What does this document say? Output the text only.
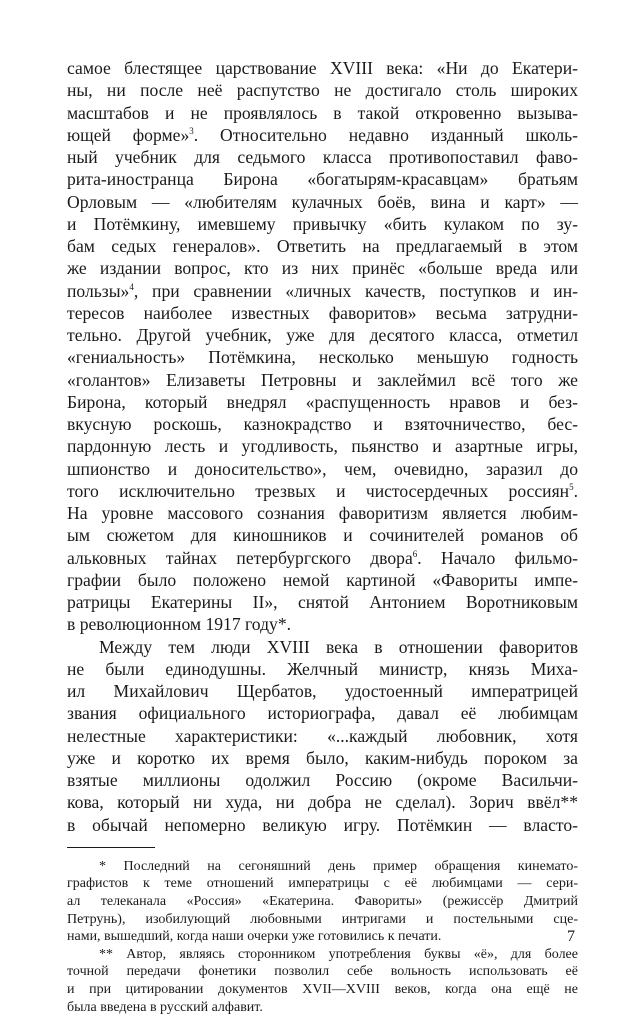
самое блестящее царствование XVIII века: «Ни до Екатери-
ны, ни после неё распутство не достигало столь широких
масштабов и не проявлялось в такой откровенно вызыва-
ющей форме»$^3$. Относительно недавно изданный школь-
ный учебник для седьмого класса противопоставил фаво-
рита-иностранца Бирона «богатырям-красавцам» братьям
Орловым — «любителям кулачных боёв, вина и карт» —
и Потёмкину, имевшему привычку «бить кулаком по зу-
бам седых генералов». Ответить на предлагаемый в этом
же издании вопрос, кто из них принёс «больше вреда или
пользы»$^4$, при сравнении «личных качеств, поступков и ин-
тересов наиболее известных фаворитов» весьма затрудни-
тельно. Другой учебник, уже для десятого класса, отметил
«гениальность» Потёмкина, несколько меньшую годность
«голантов» Елизаветы Петровны и заклеймил всё того же
Бирона, который внедрял «распущенность нравов и без-
вкусную роскошь, казнокрадство и взяточничество, бес-
пардонную лесть и угодливость, пьянство и азартные игры,
шпионство и доносительство», чем, очевидно, заразил до
того исключительно трезвых и чистосердечных россиян$^5$.
На уровне массового сознания фаворитизм является любим-
ым сюжетом для киношников и сочинителей романов об
альковных тайнах петербургского двора$^6$. Начало фильмо-
графии было положено немой картиной «Фавориты импе-
ратрицы Екатерины II», снятой Антонием Воротниковым
в революционном 1917 году*.

Между тем люди XVIII века в отношении фаворитов
не были единодушны. Желчный министр, князь Миха-
ил Михайлович Щербатов, удостоенный императрицей
звания официального историографа, давал её любимцам
нелестные характеристики: «...каждый любовник, хотя
уже и коротко их время было, каким-нибудь пороком за
взятые миллионы одолжил Россию (окроме Васильчи-
кова, который ни худа, ни добра не сделал). Зорич ввёл**
в обычай непомерно великую игру. Потёмкин — власто-

* Последний на сегоняшний день пример обращения кинемато-
графистов к теме отношений императрицы с её любимцами — сери-
ал телеканала «Россия» «Екатерина. Фавориты» (режиссёр Дмитрий
Петрунь), изобилующий любовными интригами и постельными сце-
нами, вышедший, когда наши очерки уже готовились к печати.

** Автор, являясь сторонником употребления буквы «ё», для более
точной передачи фонетики позволил себе вольность использовать её
и при цитировании документов XVII—XVIII веков, когда она ещё не
была введена в русский алфавит.

7
